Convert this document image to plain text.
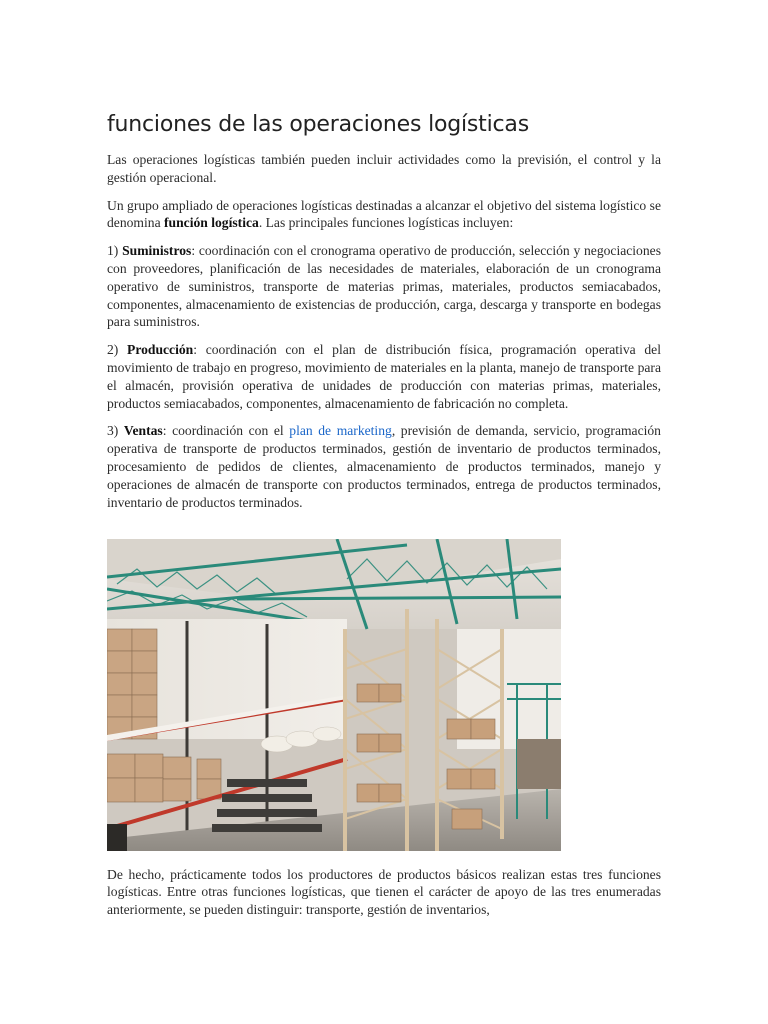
funciones de las operaciones logísticas

Las operaciones logísticas también pueden incluir actividades como la previsión, el control y la gestión operacional.

Un grupo ampliado de operaciones logísticas destinadas a alcanzar el objetivo del sistema logístico se denomina función logística. Las principales funciones logísticas incluyen:

1) Suministros: coordinación con el cronograma operativo de producción, selección y negociaciones con proveedores, planificación de las necesidades de materiales, elaboración de un cronograma operativo de suministros, transporte de materias primas, materiales, productos semiacabados, componentes, almacenamiento de existencias de producción, carga, descarga y transporte en bodegas para suministros.

2) Producción: coordinación con el plan de distribución física, programación operativa del movimiento de trabajo en progreso, movimiento de materiales en la planta, manejo de transporte para el almacén, provisión operativa de unidades de producción con materias primas, materiales, productos semiacabados, componentes, almacenamiento de fabricación no completa.

3) Ventas: coordinación con el plan de marketing, previsión de demanda, servicio, programación operativa de transporte de productos terminados, gestión de inventario de productos terminados, procesamiento de pedidos de clientes, almacenamiento de productos terminados, manejo y operaciones de almacén de transporte con productos terminados, entrega de productos terminados, inventario de productos terminados.

De hecho, prácticamente todos los productores de productos básicos realizan estas tres funciones logísticas. Entre otras funciones logísticas, que tienen el carácter de apoyo de las tres enumeradas anteriormente, se pueden distinguir: transporte, gestión de inventarios,
